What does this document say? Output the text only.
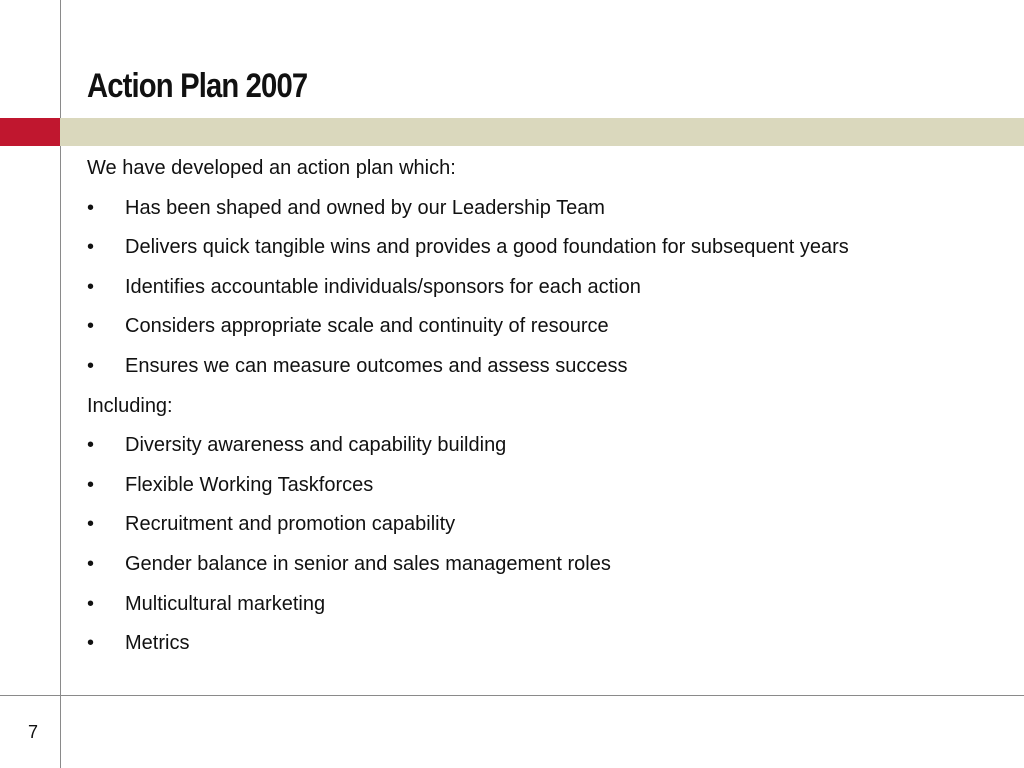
Action Plan 2007
We have developed an action plan which:
•	Has been shaped and owned by our Leadership Team
•	Delivers quick tangible wins and provides a good foundation for subsequent years
•	Identifies accountable individuals/sponsors for each action
•	Considers appropriate scale and continuity of resource
•	Ensures we can measure outcomes and assess success
Including:
•	Diversity awareness and capability building
•	Flexible Working Taskforces
•	Recruitment and promotion capability
•	Gender balance in senior and sales management roles
•	Multicultural marketing
•	Metrics
7
